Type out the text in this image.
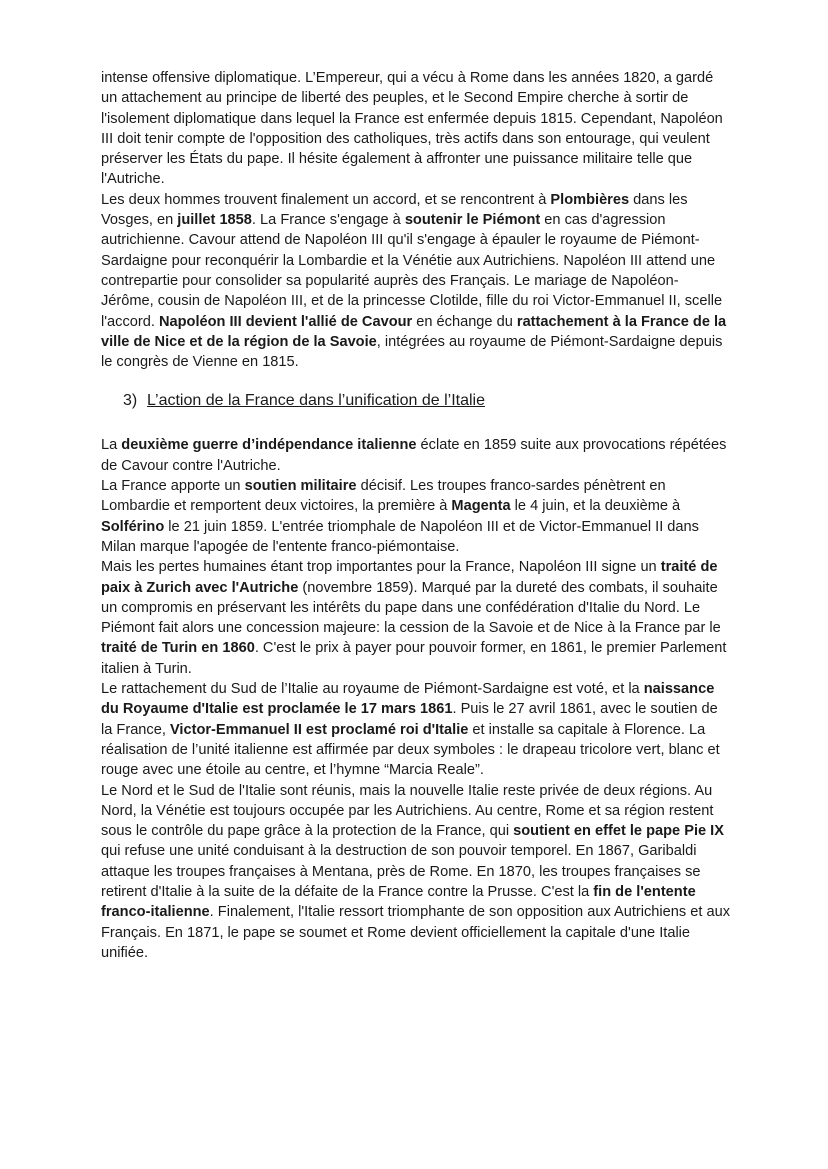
intense offensive diplomatique. L’Empereur, qui a vécu à Rome dans les années 1820, a gardé un attachement au principe de liberté des peuples, et le Second Empire cherche à sortir de l'isolement diplomatique dans lequel la France est enfermée depuis 1815. Cependant, Napoléon III doit tenir compte de l'opposition des catholiques, très actifs dans son entourage, qui veulent préserver les États du pape. Il hésite également à affronter une puissance militaire telle que l'Autriche.

Les deux hommes trouvent finalement un accord, et se rencontrent à Plombières dans les Vosges, en juillet 1858. La France s'engage à soutenir le Piémont en cas d'agression autrichienne. Cavour attend de Napoléon III qu'il s'engage à épauler le royaume de Piémont-Sardaigne pour reconquérir la Lombardie et la Vénétie aux Autrichiens. Napoléon III attend une contrepartie pour consolider sa popularité auprès des Français. Le mariage de Napoléon-Jérôme, cousin de Napoléon III, et de la princesse Clotilde, fille du roi Victor-Emmanuel II, scelle l'accord. Napoléon III devient l'allié de Cavour en échange du rattachement à la France de la ville de Nice et de la région de la Savoie, intégrées au royaume de Piémont-Sardaigne depuis le congrès de Vienne en 1815.

3) L’action de la France dans l’unification de l’Italie

La deuxième guerre d’indépendance italienne éclate en 1859 suite aux provocations répétées de Cavour contre l'Autriche.

La France apporte un soutien militaire décisif. Les troupes franco-sardes pénètrent en Lombardie et remportent deux victoires, la première à Magenta le 4 juin, et la deuxième à Solférino le 21 juin 1859. L'entrée triomphale de Napoléon III et de Victor-Emmanuel II dans Milan marque l'apogée de l'entente franco-piémontaise.

Mais les pertes humaines étant trop importantes pour la France, Napoléon III signe un traité de paix à Zurich avec l'Autriche (novembre 1859). Marqué par la dureté des combats, il souhaite un compromis en préservant les intérêts du pape dans une confédération d'Italie du Nord. Le Piémont fait alors une concession majeure: la cession de la Savoie et de Nice à la France par le traité de Turin en 1860. C'est le prix à payer pour pouvoir former, en 1861, le premier Parlement italien à Turin.

Le rattachement du Sud de l’Italie au royaume de Piémont-Sardaigne est voté, et la naissance du Royaume d'Italie est proclamée le 17 mars 1861. Puis le 27 avril 1861, avec le soutien de la France, Victor-Emmanuel II est proclamé roi d'Italie et installe sa capitale à Florence. La réalisation de l’unité italienne est affirmée par deux symboles : le drapeau tricolore vert, blanc et rouge avec une étoile au centre, et l’hymne “Marcia Reale”.

Le Nord et le Sud de l'Italie sont réunis, mais la nouvelle Italie reste privée de deux régions. Au Nord, la Vénétie est toujours occupée par les Autrichiens. Au centre, Rome et sa région restent sous le contrôle du pape grâce à la protection de la France, qui soutient en effet le pape Pie IX qui refuse une unité conduisant à la destruction de son pouvoir temporel. En 1867, Garibaldi attaque les troupes françaises à Mentana, près de Rome. En 1870, les troupes françaises se retirent d'Italie à la suite de la défaite de la France contre la Prusse. C'est la fin de l'entente franco-italienne. Finalement, l'Italie ressort triomphante de son opposition aux Autrichiens et aux Français. En 1871, le pape se soumet et Rome devient officiellement la capitale d'une Italie unifiée.
